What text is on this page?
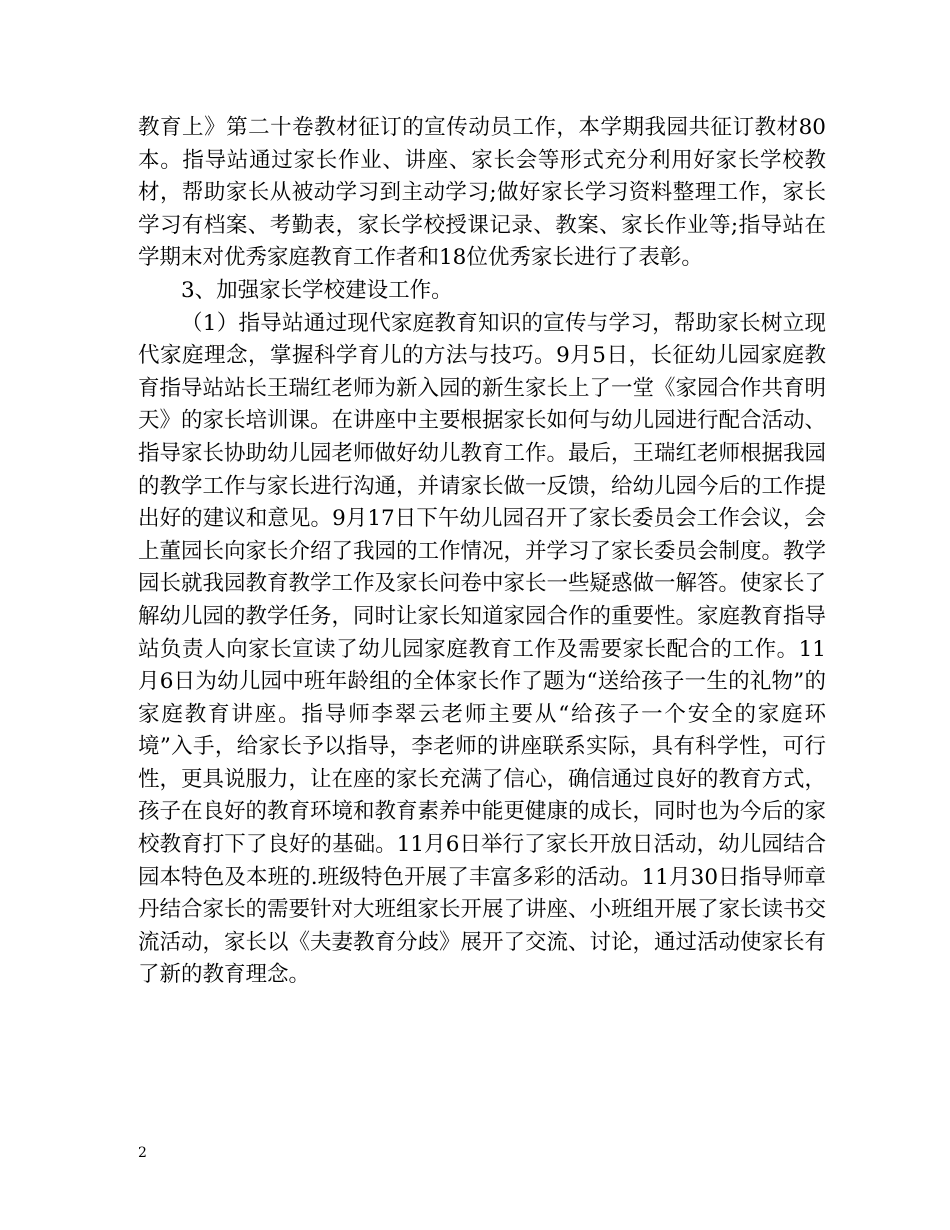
教育上》第二十卷教材征订的宣传动员工作，本学期我园共征订教材80本。指导站通过家长作业、讲座、家长会等形式充分利用好家长学校教材，帮助家长从被动学习到主动学习;做好家长学习资料整理工作，家长学习有档案、考勤表，家长学校授课记录、教案、家长作业等;指导站在学期末对优秀家庭教育工作者和18位优秀家长进行了表彰。

3、加强家长学校建设工作。

（1）指导站通过现代家庭教育知识的宣传与学习，帮助家长树立现代家庭理念，掌握科学育儿的方法与技巧。9月5日，长征幼儿园家庭教育指导站站长王瑞红老师为新入园的新生家长上了一堂《家园合作共育明天》的家长培训课。在讲座中主要根据家长如何与幼儿园进行配合活动、指导家长协助幼儿园老师做好幼儿教育工作。最后，王瑞红老师根据我园的教学工作与家长进行沟通，并请家长做一反馈，给幼儿园今后的工作提出好的建议和意见。9月17日下午幼儿园召开了家长委员会工作会议，会上董园长向家长介绍了我园的工作情况，并学习了家长委员会制度。教学园长就我园教育教学工作及家长问卷中家长一些疑惑做一解答。使家长了解幼儿园的教学任务，同时让家长知道家园合作的重要性。家庭教育指导站负责人向家长宣读了幼儿园家庭教育工作及需要家长配合的工作。11月6日为幼儿园中班年龄组的全体家长作了题为“送给孩子一生的礼物”的家庭教育讲座。指导师李翠云老师主要从“给孩子一个安全的家庭环境”入手，给家长予以指导，李老师的讲座联系实际，具有科学性，可行性，更具说服力，让在座的家长充满了信心，确信通过良好的教育方式，孩子在良好的教育环境和教育素养中能更健康的成长，同时也为今后的家校教育打下了良好的基础。11月6日举行了家长开放日活动，幼儿园结合园本特色及本班的.班级特色开展了丰富多彩的活动。11月30日指导师章丹结合家长的需要针对大班组家长开展了讲座、小班组开展了家长读书交流活动，家长以《夫妻教育分歧》展开了交流、讨论，通过活动使家长有了新的教育理念。

2
